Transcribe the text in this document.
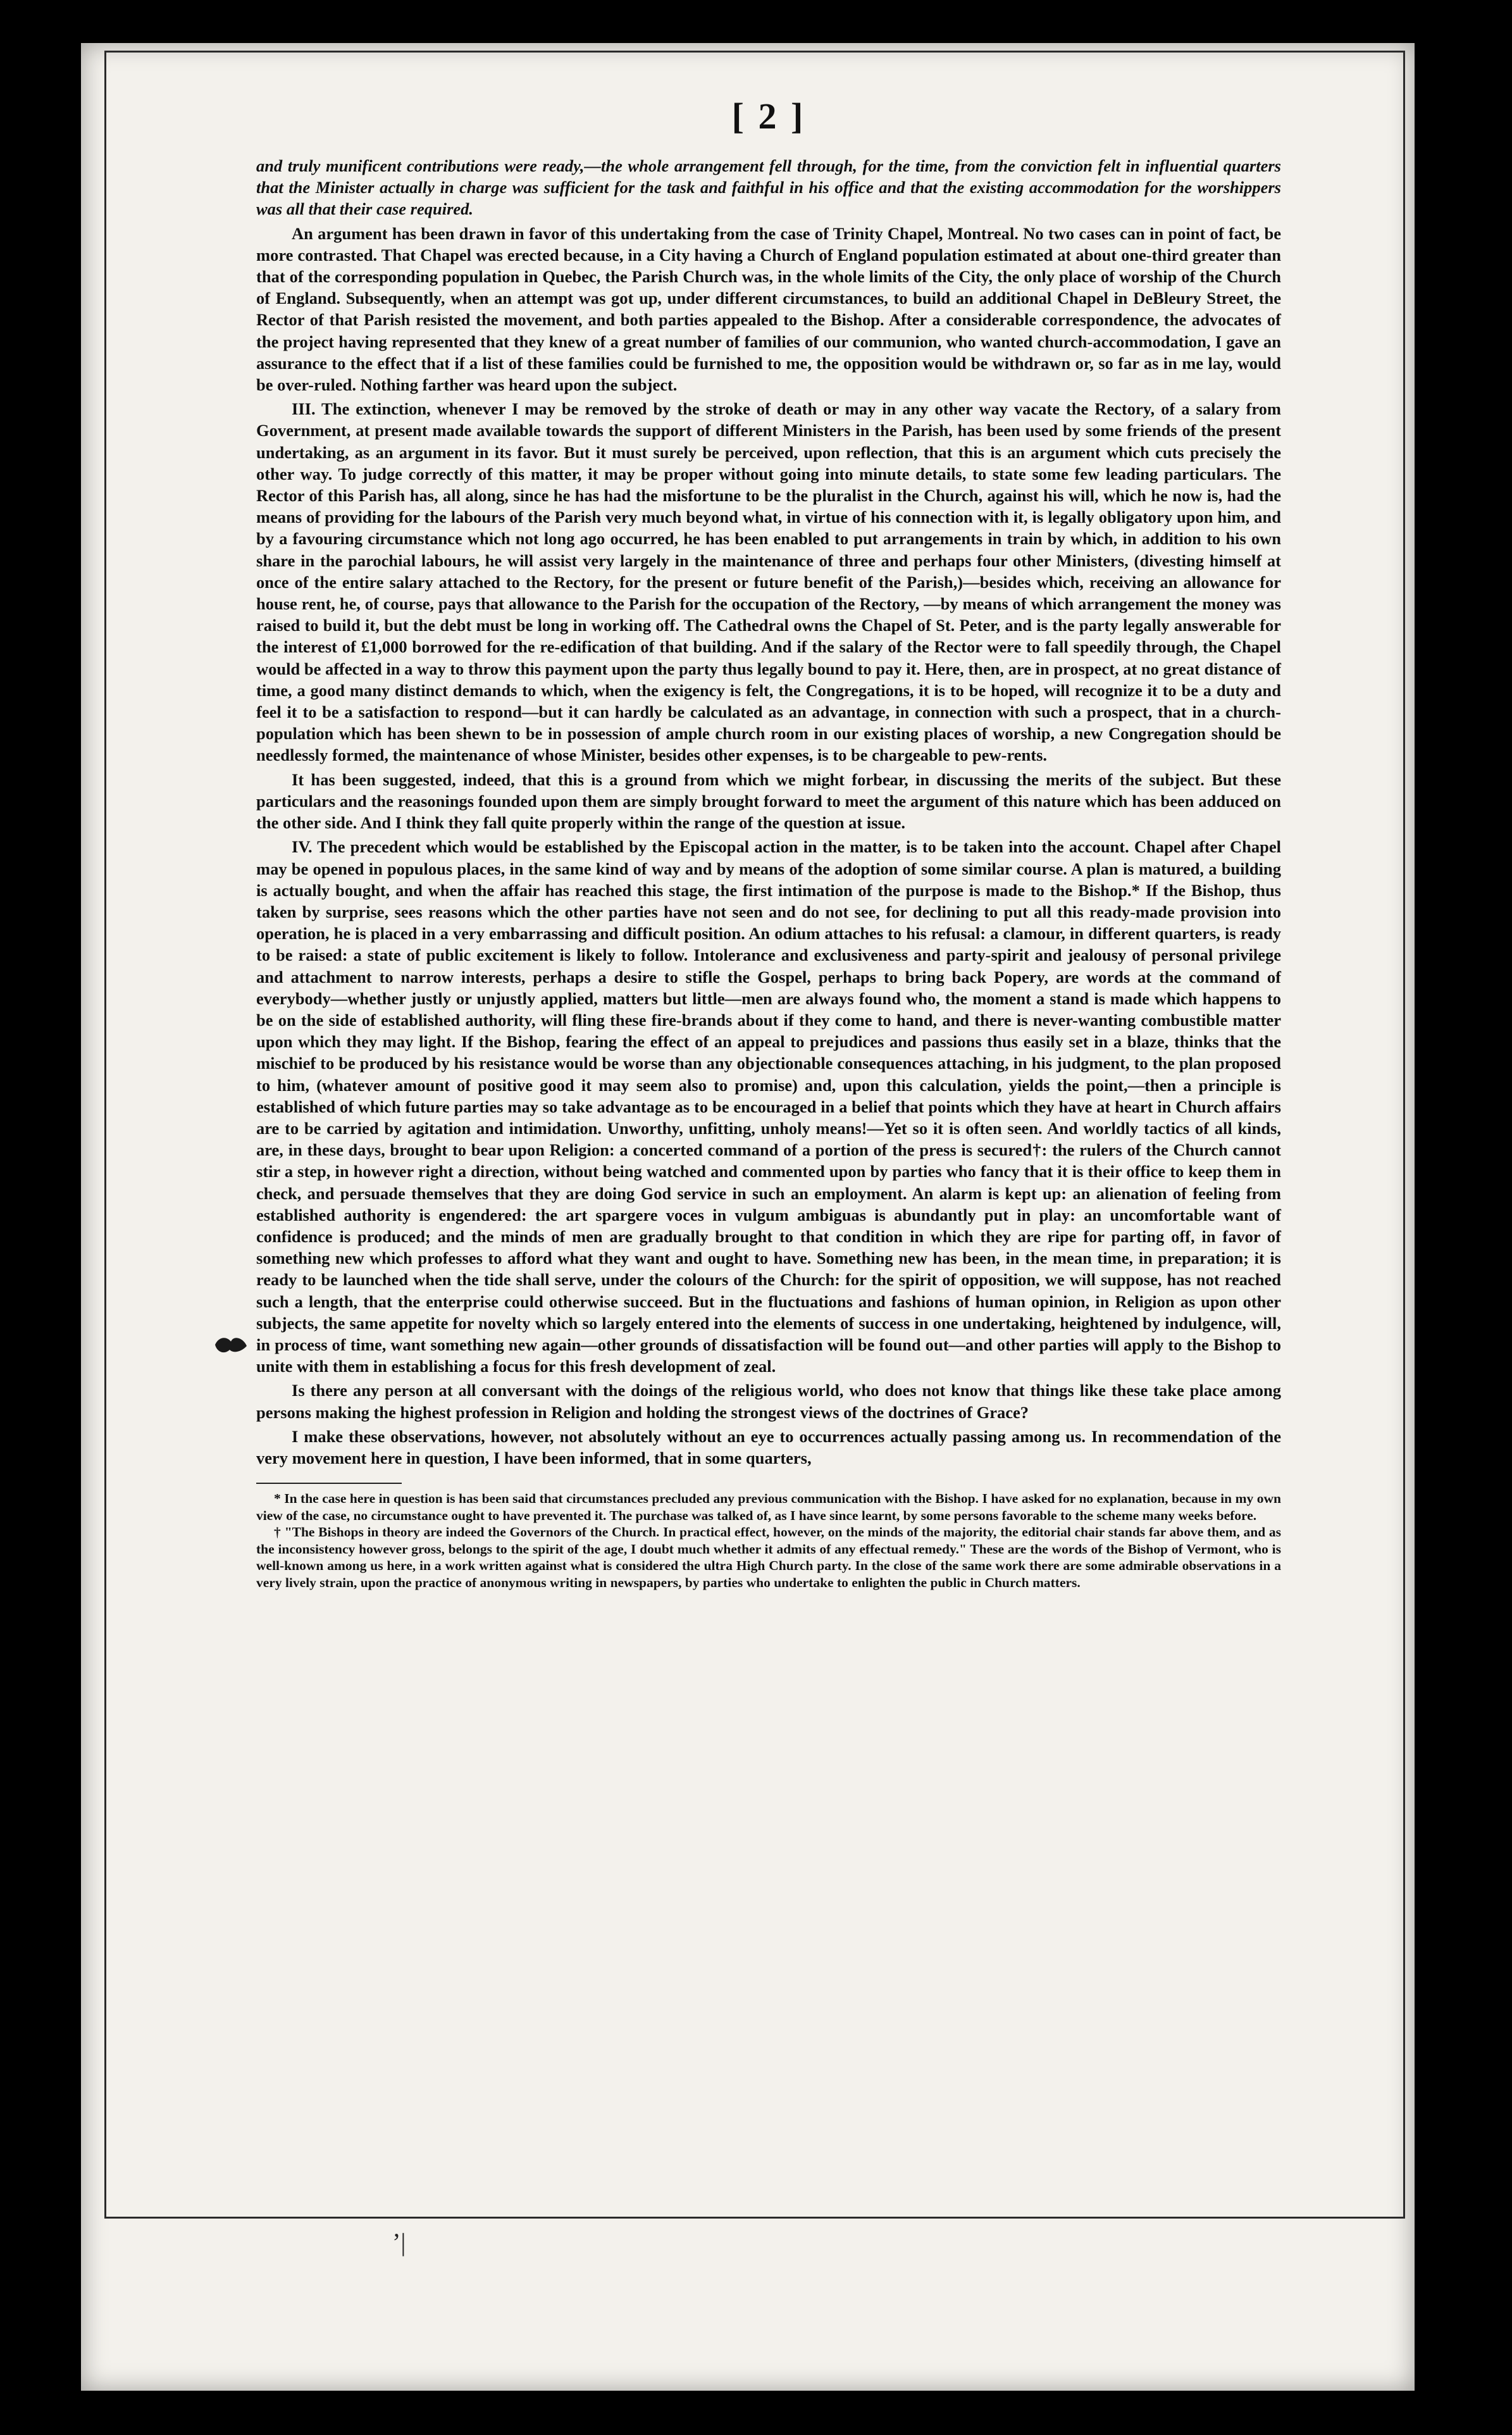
[ 2 ]

and truly munificent contributions were ready,—the whole arrangement fell through, for the time, from the conviction felt in influential quarters that the Minister actually in charge was sufficient for the task and faithful in his office and that the existing accommodation for the worshippers was all that their case required.

An argument has been drawn in favor of this undertaking from the case of Trinity Chapel, Montreal. No two cases can in point of fact, be more contrasted. That Chapel was erected because, in a City having a Church of England population estimated at about one-third greater than that of the corresponding population in Quebec, the Parish Church was, in the whole limits of the City, the only place of worship of the Church of England. Subsequently, when an attempt was got up, under different circumstances, to build an additional Chapel in DeBleury Street, the Rector of that Parish resisted the movement, and both parties appealed to the Bishop. After a considerable correspondence, the advocates of the project having represented that they knew of a great number of families of our communion, who wanted church-accommodation, I gave an assurance to the effect that if a list of these families could be furnished to me, the opposition would be withdrawn or, so far as in me lay, would be over-ruled. Nothing farther was heard upon the subject.

III. The extinction, whenever I may be removed by the stroke of death or may in any other way vacate the Rectory, of a salary from Government, at present made available towards the support of different Ministers in the Parish, has been used by some friends of the present undertaking, as an argument in its favor. But it must surely be perceived, upon reflection, that this is an argument which cuts precisely the other way. To judge correctly of this matter, it may be proper without going into minute details, to state some few leading particulars. The Rector of this Parish has, all along, since he has had the misfortune to be the pluralist in the Church, against his will, which he now is, had the means of providing for the labours of the Parish very much beyond what, in virtue of his connection with it, is legally obligatory upon him, and by a favouring circumstance which not long ago occurred, he has been enabled to put arrangements in train by which, in addition to his own share in the parochial labours, he will assist very largely in the maintenance of three and perhaps four other Ministers, (divesting himself at once of the entire salary attached to the Rectory, for the present or future benefit of the Parish,)—besides which, receiving an allowance for house rent, he, of course, pays that allowance to the Parish for the occupation of the Rectory, —by means of which arrangement the money was raised to build it, but the debt must be long in working off. The Cathedral owns the Chapel of St. Peter, and is the party legally answerable for the interest of £1,000 borrowed for the re-edification of that building. And if the salary of the Rector were to fall speedily through, the Chapel would be affected in a way to throw this payment upon the party thus legally bound to pay it. Here, then, are in prospect, at no great distance of time, a good many distinct demands to which, when the exigency is felt, the Congregations, it is to be hoped, will recognize it to be a duty and feel it to be a satisfaction to respond—but it can hardly be calculated as an advantage, in connection with such a prospect, that in a church-population which has been shewn to be in possession of ample church room in our existing places of worship, a new Congregation should be needlessly formed, the maintenance of whose Minister, besides other expenses, is to be chargeable to pew-rents.

It has been suggested, indeed, that this is a ground from which we might forbear, in discussing the merits of the subject. But these particulars and the reasonings founded upon them are simply brought forward to meet the argument of this nature which has been adduced on the other side. And I think they fall quite properly within the range of the question at issue.

IV. The precedent which would be established by the Episcopal action in the matter, is to be taken into the account. Chapel after Chapel may be opened in populous places, in the same kind of way and by means of the adoption of some similar course. A plan is matured, a building is actually bought, and when the affair has reached this stage, the first intimation of the purpose is made to the Bishop.* If the Bishop, thus taken by surprise, sees reasons which the other parties have not seen and do not see, for declining to put all this ready-made provision into operation, he is placed in a very embarrassing and difficult position. An odium attaches to his refusal: a clamour, in different quarters, is ready to be raised: a state of public excitement is likely to follow. Intolerance and exclusiveness and party-spirit and jealousy of personal privilege and attachment to narrow interests, perhaps a desire to stifle the Gospel, perhaps to bring back Popery, are words at the command of everybody—whether justly or unjustly applied, matters but little—men are always found who, the moment a stand is made which happens to be on the side of established authority, will fling these fire-brands about if they come to hand, and there is never-wanting combustible matter upon which they may light. If the Bishop, fearing the effect of an appeal to prejudices and passions thus easily set in a blaze, thinks that the mischief to be produced by his resistance would be worse than any objectionable consequences attaching, in his judgment, to the plan proposed to him, (whatever amount of positive good it may seem also to promise) and, upon this calculation, yields the point,—then a principle is established of which future parties may so take advantage as to be encouraged in a belief that points which they have at heart in Church affairs are to be carried by agitation and intimidation. Unworthy, unfitting, unholy means!—Yet so it is often seen. And worldly tactics of all kinds, are, in these days, brought to bear upon Religion: a concerted command of a portion of the press is secured†: the rulers of the Church cannot stir a step, in however right a direction, without being watched and commented upon by parties who fancy that it is their office to keep them in check, and persuade themselves that they are doing God service in such an employment. An alarm is kept up: an alienation of feeling from established authority is engendered: the art spargere voces in vulgum ambiguas is abundantly put in play: an uncomfortable want of confidence is produced; and the minds of men are gradually brought to that condition in which they are ripe for parting off, in favor of something new which professes to afford what they want and ought to have. Something new has been, in the mean time, in preparation; it is ready to be launched when the tide shall serve, under the colours of the Church: for the spirit of opposition, we will suppose, has not reached such a length, that the enterprise could otherwise succeed. But in the fluctuations and fashions of human opinion, in Religion as upon other subjects, the same appetite for novelty which so largely entered into the elements of success in one undertaking, heightened by indulgence, will, in process of time, want something new again—other grounds of dissatisfaction will be found out—and other parties will apply to the Bishop to unite with them in establishing a focus for this fresh development of zeal.

Is there any person at all conversant with the doings of the religious world, who does not know that things like these take place among persons making the highest profession in Religion and holding the strongest views of the doctrines of Grace?

I make these observations, however, not absolutely without an eye to occurrences actually passing among us. In recommendation of the very movement here in question, I have been informed, that in some quarters,

* In the case here in question is has been said that circumstances precluded any previous communication with the Bishop. I have asked for no explanation, because in my own view of the case, no circumstance ought to have prevented it. The purchase was talked of, as I have since learnt, by some persons favorable to the scheme many weeks before.

† "The Bishops in theory are indeed the Governors of the Church. In practical effect, however, on the minds of the majority, the editorial chair stands far above them, and as the inconsistency however gross, belongs to the spirit of the age, I doubt much whether it admits of any effectual remedy." These are the words of the Bishop of Vermont, who is well-known among us here, in a work written against what is considered the ultra High Church party. In the close of the same work there are some admirable observations in a very lively strain, upon the practice of anonymous writing in newspapers, by parties who undertake to enlighten the public in Church matters.

ʼ|
